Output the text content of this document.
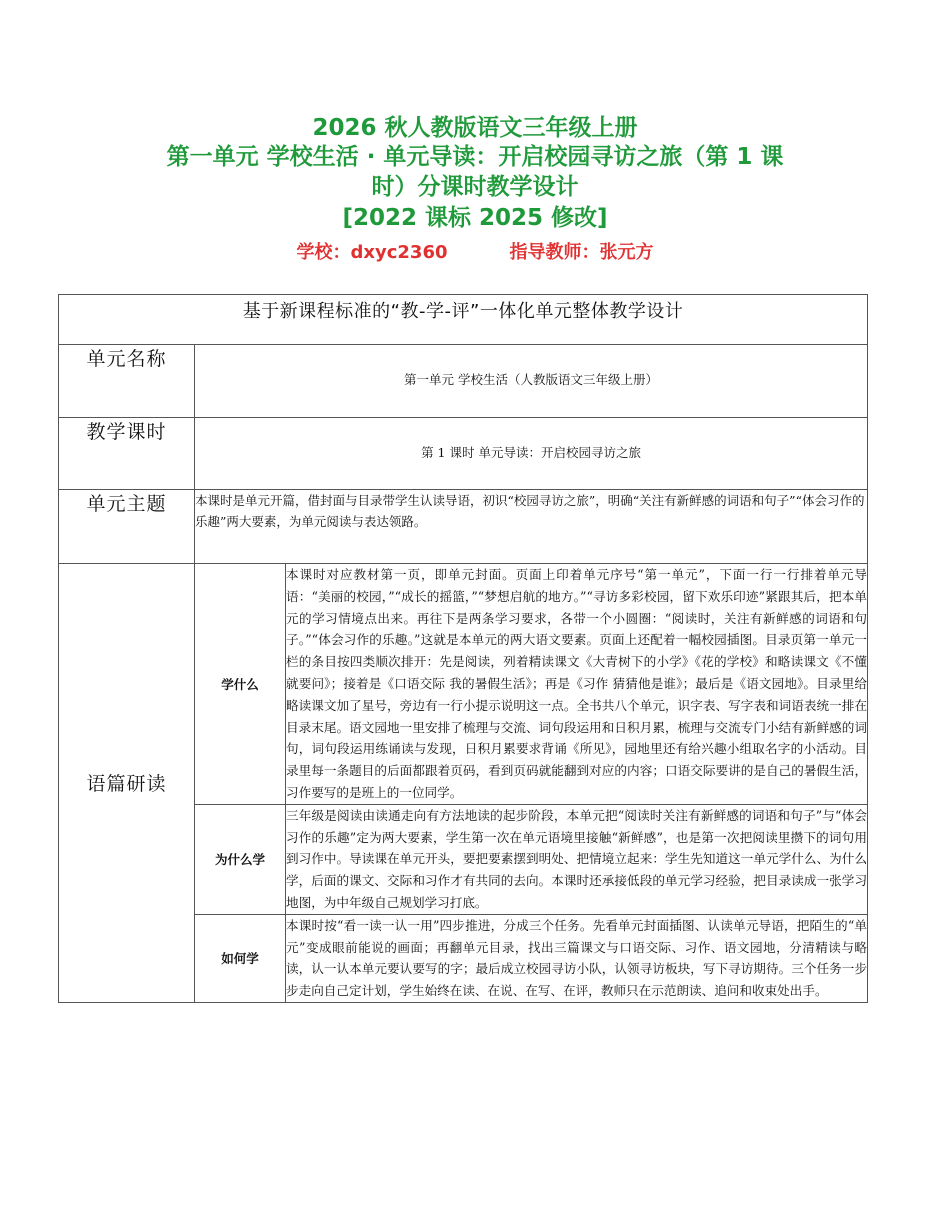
2026 秋人教版语文三年级上册
第一单元 学校生活 · 单元导读：开启校园寻访之旅（第 1 课
时）分课时教学设计
[2022 课标 2025 修改]
学校：dxyc2360	指导教师：张元方
基于新课程标准的“教-学-评”一体化单元整体教学设计		
单元名称	第一单元 学校生活（人教版语文三年级上册）	

教学课时	第 1 课时 单元导读：开启校园寻访之旅	

单元主题	本课时是单元开篇，借封面与目录带学生认读导语，初识“校园寻访之旅”，明确“关注有新鲜感的词语和句子”“体会习作的乐趣”两大要素，为单元阅读与表达领路。	
语篇研读	学什么	本课时对应教材第一页，即单元封面。页面上印着单元序号“第一单元”，下面一行一行排着单元导语：“美丽的校园，”“成长的摇篮，”“梦想启航的地方。”“寻访多彩校园，留下欢乐印迹”紧跟其后，把本单元的学习情境点出来。再往下是两条学习要求，各带一个小圆圈：“阅读时，关注有新鲜感的词语和句子。”“体会习作的乐趣。”这就是本单元的两大语文要素。页面上还配着一幅校园插图。目录页第一单元一栏的条目按四类顺次排开：先是阅读，列着精读课文《大青树下的小学》《花的学校》和略读课文《不懂就要问》；接着是《口语交际 我的暑假生活》；再是《习作 猜猜他是谁》；最后是《语文园地》。目录里给略读课文加了星号，旁边有一行小提示说明这一点。全书共八个单元，识字表、写字表和词语表统一排在目录末尾。语文园地一里安排了梳理与交流、词句段运用和日积月累，梳理与交流专门小结有新鲜感的词句，词句段运用练诵读与发现，日积月累要求背诵《所见》，园地里还有给兴趣小组取名字的小活动。目录里每一条题目的后面都跟着页码，看到页码就能翻到对应的内容；口语交际要讲的是自己的暑假生活，习作要写的是班上的一位同学。
	为什么学	三年级是阅读由读通走向有方法地读的起步阶段，本单元把“阅读时关注有新鲜感的词语和句子”与“体会习作的乐趣”定为两大要素，学生第一次在单元语境里接触“新鲜感”，也是第一次把阅读里攒下的词句用到习作中。导读课在单元开头，要把要素摆到明处、把情境立起来：学生先知道这一单元学什么、为什么学，后面的课文、交际和习作才有共同的去向。本课时还承接低段的单元学习经验，把目录读成一张学习地图，为中年级自己规划学习打底。
	如何学	本课时按“看一读一认一用”四步推进，分成三个任务。先看单元封面插图、认读单元导语，把陌生的“单元”变成眼前能说的画面；再翻单元目录，找出三篇课文与口语交际、习作、语文园地，分清精读与略读，认一认本单元要认要写的字；最后成立校园寻访小队，认领寻访板块，写下寻访期待。三个任务一步步走向自己定计划，学生始终在读、在说、在写、在评，教师只在示范朗读、追问和收束处出手。
